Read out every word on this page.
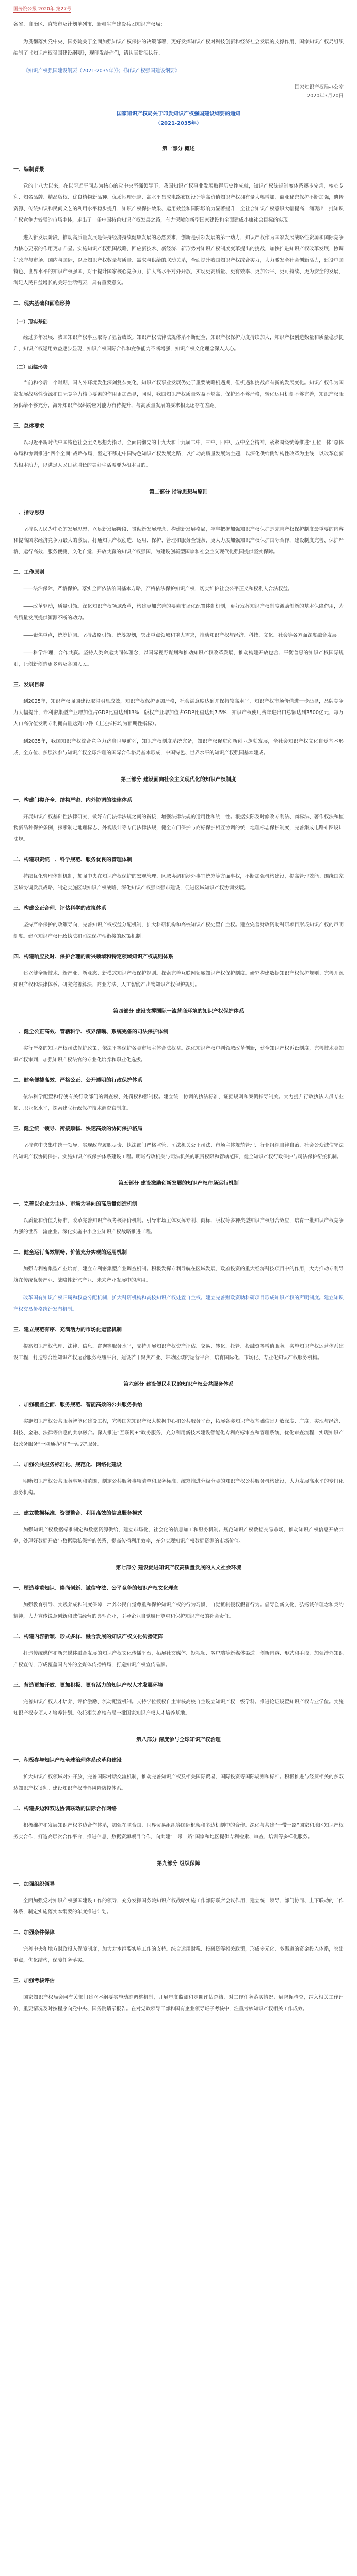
国务院公报 2020年 第27号

各省、自治区、直辖市及计划单列市、新疆生产建设兵团知识产权局：

为贯彻落实党中央、国务院关于全面加强知识产权保护的决策部署，更好发挥知识产权对科技创新和经济社会发展的支撑作用，国家知识产权局组织编制了《知识产权强国建设纲要》，现印发给你们，请认真贯彻执行。

《知识产权强国建设纲要（2021-2035年）》；《知识产权强国建设纲要》

国家知识产权局办公室
2020年3月20日
国家知识产权局关于印发知识产权强国建设纲要的通知
（2021-2035年）
第一部分 概述
一、编制背景

党的十八大以来，在以习近平同志为核心的党中央坚强领导下，我国知识产权事业发展取得历史性成就，知识产权法规制度体系逐步完善，核心专利、知名品牌、精品版权、优良植物新品种、优质地理标志、高水平集成电路布图设计等高价值知识产权拥有量大幅增加，商业秘密保护不断加强，遗传资源、传统知识和民间文艺的利用水平稳步提升，知识产权保护效果、运用效益和国际影响力显著提升，全社会知识产权意识大幅提高，涌现出一批知识产权竞争力较强的市场主体，走出了一条中国特色知识产权发展之路，有力保障创新型国家建设和全面建成小康社会目标的实现。

进入新发展阶段，推动高质量发展是保持经济持续健康发展的必然要求，创新是引领发展的第一动力，知识产权作为国家发展战略性资源和国际竞争力核心要素的作用更加凸显。实施知识产权强国战略，回应新技术、新经济、新形势对知识产权制度变革提出的挑战，加快推进知识产权改革发展，协调好政府与市场、国内与国际，以及知识产权数量与质量、需求与供给的联动关系，全面提升我国知识产权综合实力，大力激发全社会创新活力，建设中国特色、世界水平的知识产权强国，对于提升国家核心竞争力，扩大高水平对外开放，实现更高质量、更有效率、更加公平、更可持续、更为安全的发展，满足人民日益增长的美好生活需要，具有重要意义。

二、现实基础和面临形势
（一）现实基础

经过多年发展，我国知识产权事业取得了显著成效。知识产权法律法规体系不断健全，知识产权保护力度持续加大，知识产权创造数量和质量稳步提升，知识产权运用效益逐步显现，知识产权国际合作和竞争能力不断增强，知识产权文化理念深入人心。

（二）面临形势

当前和今后一个时期，国内外环境发生深刻复杂变化，知识产权事业发展仍处于重要战略机遇期，但机遇和挑战都有新的发展变化。知识产权作为国家发展战略性资源和国际竞争力核心要素的作用更加凸显，同时，我国知识产权质量效益不够高，保护还不够严格，转化运用机制不够完善，知识产权服务供给不够充分，海外知识产权纠纷应对能力有待提升，与高质量发展的要求相比还存在差距。

三、总体要求

以习近平新时代中国特色社会主义思想为指导，全面贯彻党的十九大和十九届二中、三中、四中、五中全会精神，紧紧围绕统筹推进“五位一体”总体布局和协调推进“四个全面”战略布局，坚定不移走中国特色知识产权发展之路，以推动高质量发展为主题，以深化供给侧结构性改革为主线，以改革创新为根本动力，以满足人民日益增长的美好生活需要为根本目的。

第二部分 指导思想与原则
一、指导思想

坚持以人民为中心的发展思想，立足新发展阶段、贯彻新发展理念、构建新发展格局，牢牢把握加强知识产权保护是完善产权保护制度最重要的内容和提高国家经济竞争力最大的激励，打通知识产权创造、运用、保护、管理和服务全链条，更大力度加强知识产权保护国际合作，建设制度完善、保护严格、运行高效、服务便捷、文化自觉、开放共赢的知识产权强国，为建设创新型国家和社会主义现代化强国提供坚实保障。

二、工作原则

——法治保障，严格保护。落实全面依法治国基本方略，严格依法保护知识产权，切实维护社会公平正义和权利人合法权益。

——改革驱动，质量引领。深化知识产权领域改革，构建更加完善的要素市场化配置体制机制，更好发挥知识产权制度激励创新的基本保障作用，为高质量发展提供源源不断的动力。

——聚焦重点，统筹协调。坚持战略引领、统筹规划，突出重点领域和重大需求，推动知识产权与经济、科技、文化、社会等各方面深度融合发展。

——科学治理，合作共赢。坚持人类命运共同体理念，以国际视野谋划和推动知识产权改革发展，推动构建开放包容、平衡普惠的知识产权国际规则，让创新创造更多惠及各国人民。

三、发展目标

到2025年，知识产权强国建设取得明显成效，知识产权保护更加严格，社会满意度达到并保持较高水平，知识产权市场价值进一步凸显，品牌竞争力大幅提升，专利密集型产业增加值占GDP比重达到13%，版权产业增加值占GDP比重达到7.5%，知识产权使用费年进出口总额达到3500亿元，每万人口高价值发明专利拥有量达到12件（上述指标均为预期性指标）。

到2035年，我国知识产权综合竞争力跻身世界前列，知识产权制度系统完备，知识产权促进创新创业蓬勃发展，全社会知识产权文化自觉基本形成，全方位、多层次参与知识产权全球治理的国际合作格局基本形成，中国特色、世界水平的知识产权强国基本建成。

第三部分 建设面向社会主义现代化的知识产权制度
一、构建门类齐全、结构严密、内外协调的法律体系

开展知识产权基础性法律研究，做好专门法律法规之间的衔接，增强法律法规的适用性和统一性。根据实际及时修改专利法、商标法、著作权法和植物新品种保护条例，探索制定地理标志、外观设计等专门法律法规，健全专门保护与商标保护相互协调的统一地理标志保护制度，完善集成电路布图设计法规。

二、构建职责统一、科学规范、服务优良的管理体制

持续优化管理体制机制，加强中央在知识产权保护的宏观管理、区域协调和涉外事宜统筹等方面事权，不断加强机构建设，提高管理效能。围绕国家区域协调发展战略，制定实施区域知识产权战略，深化知识产权强省强市建设，促进区域知识产权协调发展。

三、构建公正合理、评估科学的政策体系

坚持严格保护的政策导向，完善知识产权权益分配机制，扩大科研机构和高校知识产权处置自主权。建立完善财政资助科研项目形成知识产权的声明制度。建立知识产权行政执法和司法保护相衔接的政策机制。

四、构建响应及时、保护合理的新兴领域和特定领域知识产权规则体系

建立健全新技术、新产业、新业态、新模式知识产权保护规则。探索完善互联网领域知识产权保护制度。研究构建数据知识产权保护规则。完善开源知识产权和法律体系。研究完善算法、商业方法、人工智能产出物知识产权保护规则。

第四部分 建设支撑国际一流营商环境的知识产权保护体系
一、健全公正高效、管辖科学、权界清晰、系统完备的司法保护体制

实行严格的知识产权司法保护政策，依法平等保护各类市场主体合法权益。深化知识产权审判领域改革创新，健全知识产权诉讼制度，完善技术类知识产权审判，加强知识产权法官的专业化培养和职业化选拔。

二、健全便捷高效、严格公正、公开透明的行政保护体系

依法科学配置和行使有关行政部门的调查权、处罚权和强制权。建立统一协调的执法标准、证据规则和案例指导制度。大力提升行政执法人员专业化、职业化水平，探索建立行政保护技术调查官制度。

三、健全统一领导、衔接顺畅、快速高效的协同保护格局

坚持党中央集中统一领导，实现政府履职尽责、执法部门严格监管、司法机关公正司法、市场主体规范管理、行业组织自律自治、社会公众诚信守法的知识产权协同保护。实施知识产权保护体系建设工程。明晰行政机关与司法机关的职责权限和管辖范围，健全知识产权行政保护与司法保护衔接机制。

第五部分 建设激励创新发展的知识产权市场运行机制
一、完善以企业为主体、市场为导向的高质量创造机制

以质量和价值为标准，改革完善知识产权考核评价机制。引导市场主体发挥专利、商标、版权等多种类型知识产权组合效应，培育一批知识产权竞争力强的世界一流企业。深化实施中小企业知识产权战略推进工程。

二、健全运行高效顺畅、价值充分实现的运用机制

加强专利密集型产业培育，建立专利密集型产业调查机制。积极发挥专利导航在区域发展、政府投资的重大经济科技项目中的作用，大力推动专利导航在传统优势产业、战略性新兴产业、未来产业发展中的应用。

改革国有知识产权归属和权益分配机制，扩大科研机构和高校知识产权处置自主权。建立完善财政资助科研项目形成知识产权的声明制度。建立知识产权交易价格统计发布机制。

三、建立规范有序、充满活力的市场化运营机制

提高知识产权代理、法律、信息、咨询等服务水平，支持开展知识产权资产评估、交易、转化、托管、投融资等增值服务。实施知识产权运营体系建设工程，打造综合性知识产权运营服务枢纽平台，建设若干聚焦产业、带动区域的运营平台，培育国际化、市场化、专业化知识产权服务机构。

第六部分 建设便民利民的知识产权公共服务体系
一、加强覆盖全面、服务规范、智能高效的公共服务供给

实施知识产权公共服务智能化建设工程，完善国家知识产权大数据中心和公共服务平台，拓展各类知识产权基础信息开放深度、广度，实现与经济、科技、金融、法律等信息的共享融合。深入推进“互联网+”政务服务，充分利用新技术建设智能化专利商标审查和管理系统，优化审查流程，实现知识产权政务服务“一网通办”和“一站式”服务。

二、加强公共服务标准化、规范化、网络化建设

明晰知识产权公共服务事项和范围，制定公共服务事项清单和服务标准。统筹推进分级分类的知识产权公共服务机构建设，大力发展高水平的专门化服务机构。

三、建立数据标准、资源整合、利用高效的信息服务模式

加强知识产权数据标准制定和数据资源供给，建立市场化、社会化的信息加工和服务机制。规范知识产权数据交易市场，推动知识产权信息开放共享，处理好数据开放与数据隐私保护的关系，提高传播利用效率，充分实现知识产权数据资源的市场价值。

第七部分 建设促进知识产权高质量发展的人文社会环境
一、塑造尊重知识、崇尚创新、诚信守法、公平竞争的知识产权文化理念

加强教育引导、实践养成和制度保障，培养公民自觉尊重和保护知识产权的行为习惯，自觉抵制侵权假冒行为。倡导创新文化，弘扬诚信理念和契约精神，大力宣传锐意创新和诚信经营的典型企业，引导企业自觉履行尊重和保护知识产权的社会责任。

二、构建内容新颖、形式多样、融合发展的知识产权文化传播矩阵

打造传统媒体和新兴媒体融合发展的知识产权文化传播平台，拓展社交媒体、短视频、客户端等新媒体渠道。创新内容、形式和手段，加强涉外知识产权宣传，形成覆盖国内外的全媒体传播格局，打造知识产权宣传品牌。

三、营造更加开放、更加积极、更有活力的知识产权人才发展环境

完善知识产权人才培养、评价激励、流动配置机制。支持学位授权自主审核高校自主设立知识产权一级学科。推进论证设置知识产权专业学位。实施知识产权专项人才培养计划。依托相关高校布局一批国家知识产权人才培养基地。

第八部分 深度参与全球知识产权治理
一、积极参与知识产权全球治理体系改革和建设

扩大知识产权领域对外开放，完善国际对话交流机制，推动完善知识产权及相关国际贸易、国际投资等国际规则和标准。积极推进与经贸相关的多双边知识产权谈判。建设知识产权涉外风险防控体系。

二、构建多边和双边协调联动的国际合作网络

积极维护和发展知识产权多边合作体系，加强在联合国、世界贸易组织等国际框架和多边机制中的合作。深化与共建“一带一路”国家和地区知识产权务实合作，打造高层次合作平台，推进信息、数据资源项目合作，向共建“一带一路”国家和地区提供专利检索、审查、培训等多样化服务。

第九部分 组织保障
一、加强组织领导

全面加强党对知识产权强国建设工作的领导，充分发挥国务院知识产权战略实施工作部际联席会议作用，建立统一领导、部门协同、上下联动的工作体系，制定实施落实本纲要的年度推进计划。

二、加强条件保障

完善中央和地方财政投入保障制度，加大对本纲要实施工作的支持。综合运用财税、投融资等相关政策，形成多元化、多渠道的资金投入体系，突出重点，优化结构，保障任务落实。

三、加强考核评估

国家知识产权局会同有关部门建立本纲要实施动态调整机制，开展年度监测和定期评估总结，对工作任务落实情况开展督促检查，纳入相关工作评价，重要情况及时按程序向党中央、国务院请示报告。在对党政领导干部和国有企业领导班子考核中，注重考核知识产权相关工作成效。
